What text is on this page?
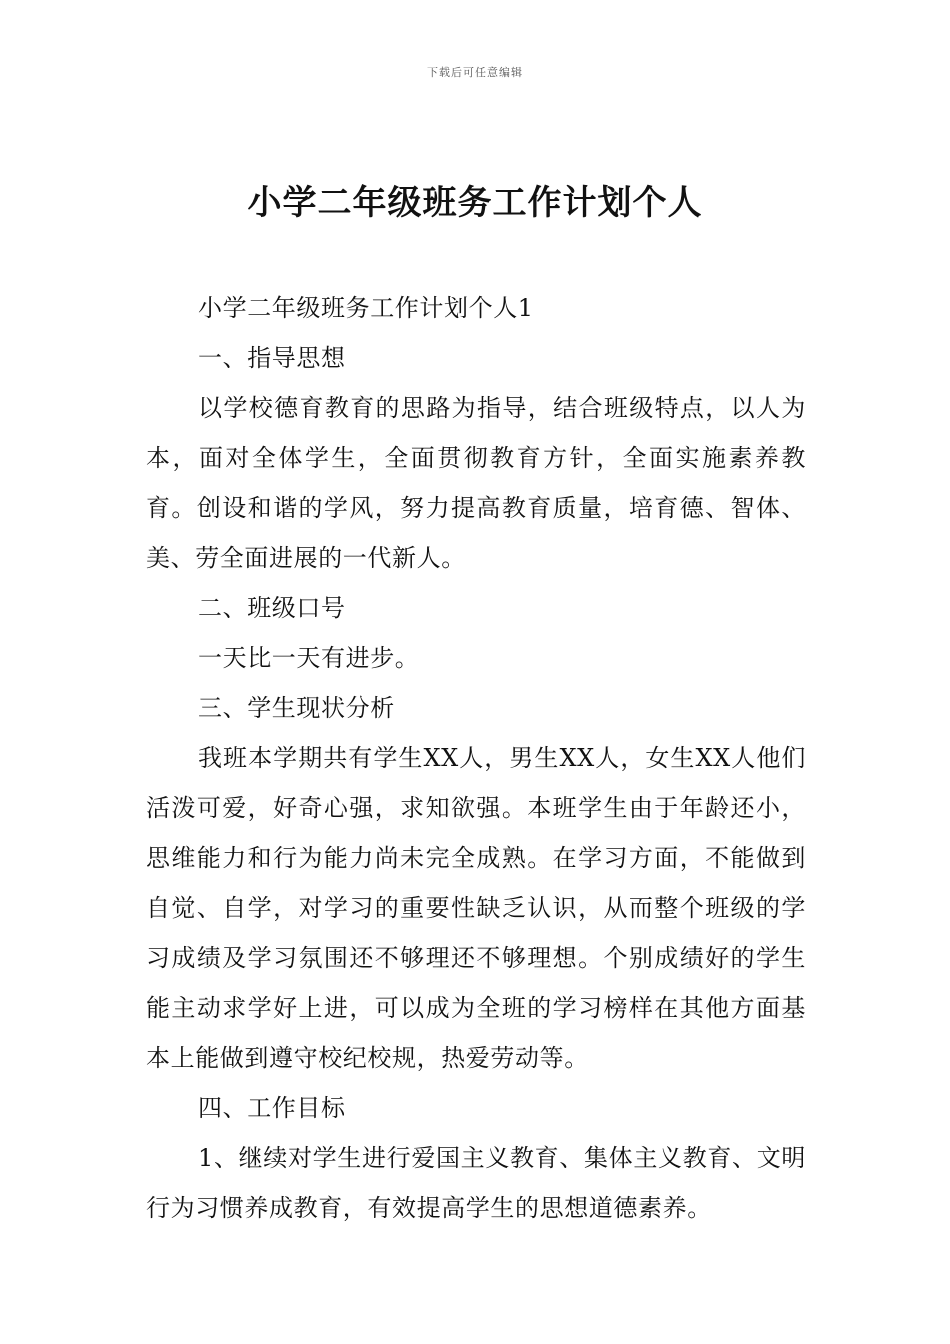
下载后可任意编辑
小学二年级班务工作计划个人

小学二年级班务工作计划个人1

一、指导思想

以学校德育教育的思路为指导，结合班级特点，以人为本，面对全体学生，全面贯彻教育方针，全面实施素养教育。创设和谐的学风，努力提高教育质量，培育德、智体、美、劳全面进展的一代新人。

二、班级口号

一天比一天有进步。

三、学生现状分析

我班本学期共有学生XX人，男生XX人，女生XX人他们活泼可爱，好奇心强，求知欲强。本班学生由于年龄还小，思维能力和行为能力尚未完全成熟。在学习方面，不能做到自觉、自学，对学习的重要性缺乏认识，从而整个班级的学习成绩及学习氛围还不够理还不够理想。个别成绩好的学生能主动求学好上进，可以成为全班的学习榜样在其他方面基本上能做到遵守校纪校规，热爱劳动等。

四、工作目标

1、继续对学生进行爱国主义教育、集体主义教育、文明行为习惯养成教育，有效提高学生的思想道德素养。
